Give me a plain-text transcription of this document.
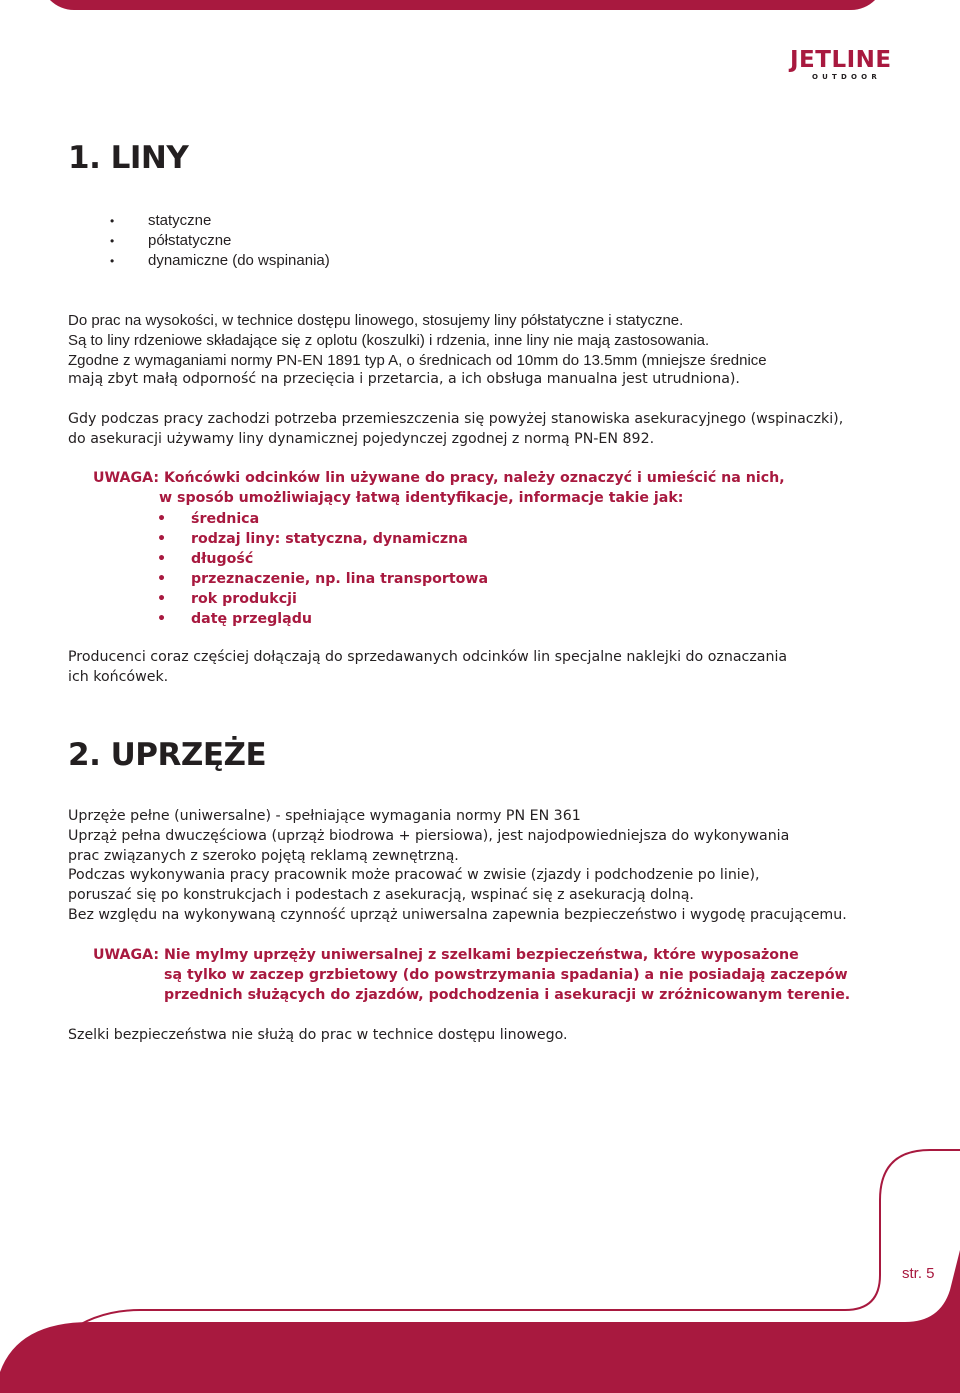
JETLINE
OUTDOOR
1. LINY
• statyczne
• półstatyczne
• dynamiczne (do wspinania)

Do prac na wysokości, w technice dostępu linowego, stosujemy liny półstatyczne i statyczne.
Są to liny rdzeniowe składające się z oplotu (koszulki) i rdzenia, inne liny nie mają zastosowania.
Zgodne z wymaganiami normy PN-EN 1891 typ A, o średnicach od 10mm do 13.5mm (mniejsze średnice
mają zbyt małą odporność na przecięcia i przetarcia, a ich obsługa manualna jest utrudniona).

Gdy podczas pracy zachodzi potrzeba przemieszczenia się powyżej stanowiska asekuracyjnego (wspinaczki),
do asekuracji używamy liny dynamicznej pojedynczej zgodnej z normą PN-EN 892.

UWAGA: Końcówki odcinków lin używane do pracy, należy oznaczyć i umieścić na nich,
w sposób umożliwiający łatwą identyfikacje, informacje takie jak:

• średnica
• rodzaj liny: statyczna, dynamiczna
• długość
• przeznaczenie, np. lina transportowa
• rok produkcji
• datę przeglądu

Producenci coraz częściej dołączają do sprzedawanych odcinków lin specjalne naklejki do oznaczania
ich końcówek.

2. UPRZĘŻE

Uprzęże pełne (uniwersalne) - spełniające wymagania normy PN EN 361
Uprząż pełna dwuczęściowa (uprząż biodrowa + piersiowa), jest najodpowiedniejsza do wykonywania
prac związanych z szeroko pojętą reklamą zewnętrzną.
Podczas wykonywania pracy pracownik może pracować w zwisie (zjazdy i podchodzenie po linie),
poruszać się po konstrukcjach i podestach z asekuracją, wspinać się z asekuracją dolną.
Bez względu na wykonywaną czynność uprząż uniwersalna zapewnia bezpieczeństwo i wygodę pracującemu.

UWAGA: Nie mylmy uprzęży uniwersalnej z szelkami bezpieczeństwa, które wyposażone
są tylko w zaczep grzbietowy (do powstrzymania spadania) a nie posiadają zaczepów
przednich służących do zjazdów, podchodzenia i asekuracji w zróżnicowanym terenie.

Szelki bezpieczeństwa nie służą do prac w technice dostępu linowego.

str. 5
